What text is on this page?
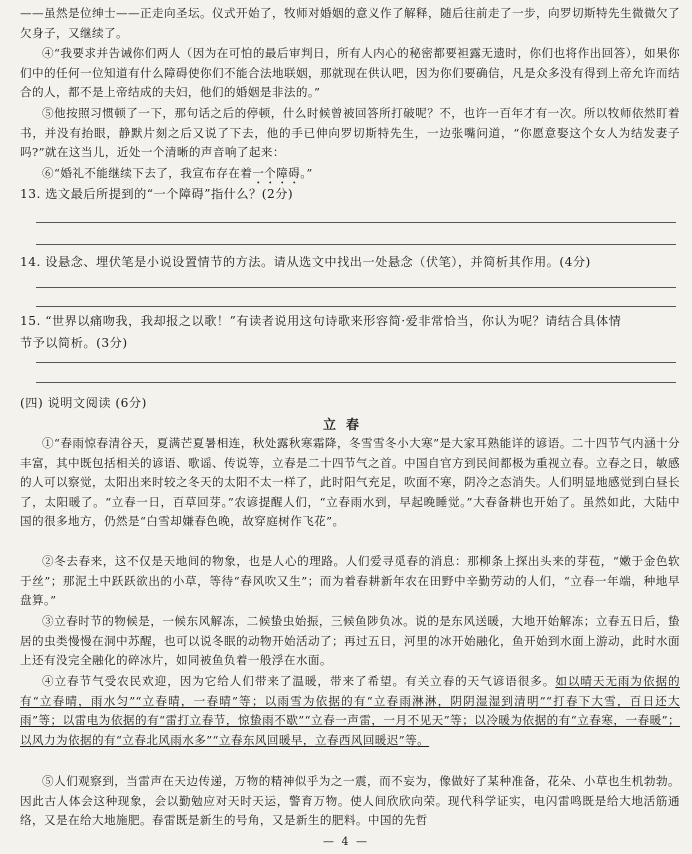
——虽然是位绅士——正走向圣坛。仪式开始了，牧师对婚姻的意义作了解释，随后往前走了一步，向罗切斯特先生微微欠了欠身子，又继续了。

④“我要求并告诫你们两人（因为在可怕的最后审判日，所有人内心的秘密都要袒露无遗时，你们也将作出回答），如果你们中的任何一位知道有什么障碍使你们不能合法地联姻，那就现在供认吧，因为你们要确信，凡是众多没有得到上帝允许而结合的人，都不是上帝结成的夫妇，他们的婚姻是非法的。”

⑤他按照习惯顿了一下，那句话之后的停顿，什么时候曾被回答所打破呢？不，也许一百年才有一次。所以牧师依然盯着书，并没有抬眼，静默片刻之后又说了下去，他的手已伸向罗切斯特先生，一边张嘴问道，“你愿意娶这个女人为结发妻子吗?”就在这当儿，近处一个清晰的声音响了起来：

⑥“婚礼不能继续下去了，我宣布存在着一个障碍。”

13. 选文最后所提到的“一个障碍”指什么？(2分)

14. 设悬念、埋伏笔是小说设置情节的方法。请从选文中找出一处悬念（伏笔），并简析其作用。(4分)

15. “世界以痛吻我，我却报之以歌！”有读者说用这句诗歌来形容简·爱非常恰当，你认为呢？请结合具体情

节予以简析。(3分)

(四) 说明文阅读 (6分)

立春

①“春雨惊春清谷天，夏满芒夏暑相连，秋处露秋寒霜降，冬雪雪冬小大寒”是大家耳熟能详的谚语。二十四节气内涵十分丰富，其中既包括相关的谚语、歌谣、传说等，立春是二十四节气之首。中国自官方到民间都极为重视立春。立春之日，敏感的人可以察觉，太阳出来时较之冬天的太阳不太一样了，此时阳气充足，吹面不寒，阴冷之态消失。人们明显地感觉到白昼长了，太阳暖了。“立春一日，百草回芽。”农谚提醒人们，“立春雨水到，早起晚睡觉。”大春备耕也开始了。虽然如此，大陆中国的很多地方，仍然是“白雪却嫌春色晚，故穿庭树作飞花”。

②冬去春来，这不仅是天地间的物象，也是人心的理路。人们爱寻觅春的消息：那柳条上探出头来的芽苞，“嫩于金色软于丝”；那泥土中跃跃欲出的小草，等待“春风吹又生”；而为着春耕新年农在田野中辛勤劳动的人们，“立春一年端，种地早盘算。”

③立春时节的物候是，一候东风解冻，二候蛰虫始振，三候鱼陟负冰。说的是东风送暖，大地开始解冻；立春五日后，蛰居的虫类慢慢在洞中苏醒，也可以说冬眠的动物开始活动了；再过五日，河里的冰开始融化，鱼开始到水面上游动，此时水面上还有没完全融化的碎冰片，如同被鱼负着一般浮在水面。

④立春节气受农民欢迎，因为它给人们带来了温暖，带来了希望。有关立春的天气谚语很多。如以晴天无雨为依据的有“立春晴，雨水匀”“立春晴，一春晴”等；以雨雪为依据的有“立春雨淋淋，阴阴湿湿到清明”“打春下大雪，百日还大雨”等；以雷电为依据的有“雷打立春节，惊蛰雨不歇”“立春一声雷，一月不见天”等；以冷暖为依据的有“立春寒，一春暖”；以风力为依据的有“立春北风雨水多”“立春东风回暖早，立春西风回暖迟”等。

⑤人们观察到，当雷声在天边传递，万物的精神似乎为之一震，而不妄为，像做好了某种准备，花朵、小草也生机勃勃。因此古人体会这种现象，会以勤勉应对天时天运，警育万物。使人间欣欣向荣。现代科学证实，电闪雷鸣既是给大地活筋通络，又是在给大地施肥。春雷既是新生的号角，又是新生的肥料。中国的先哲

— 4 —
